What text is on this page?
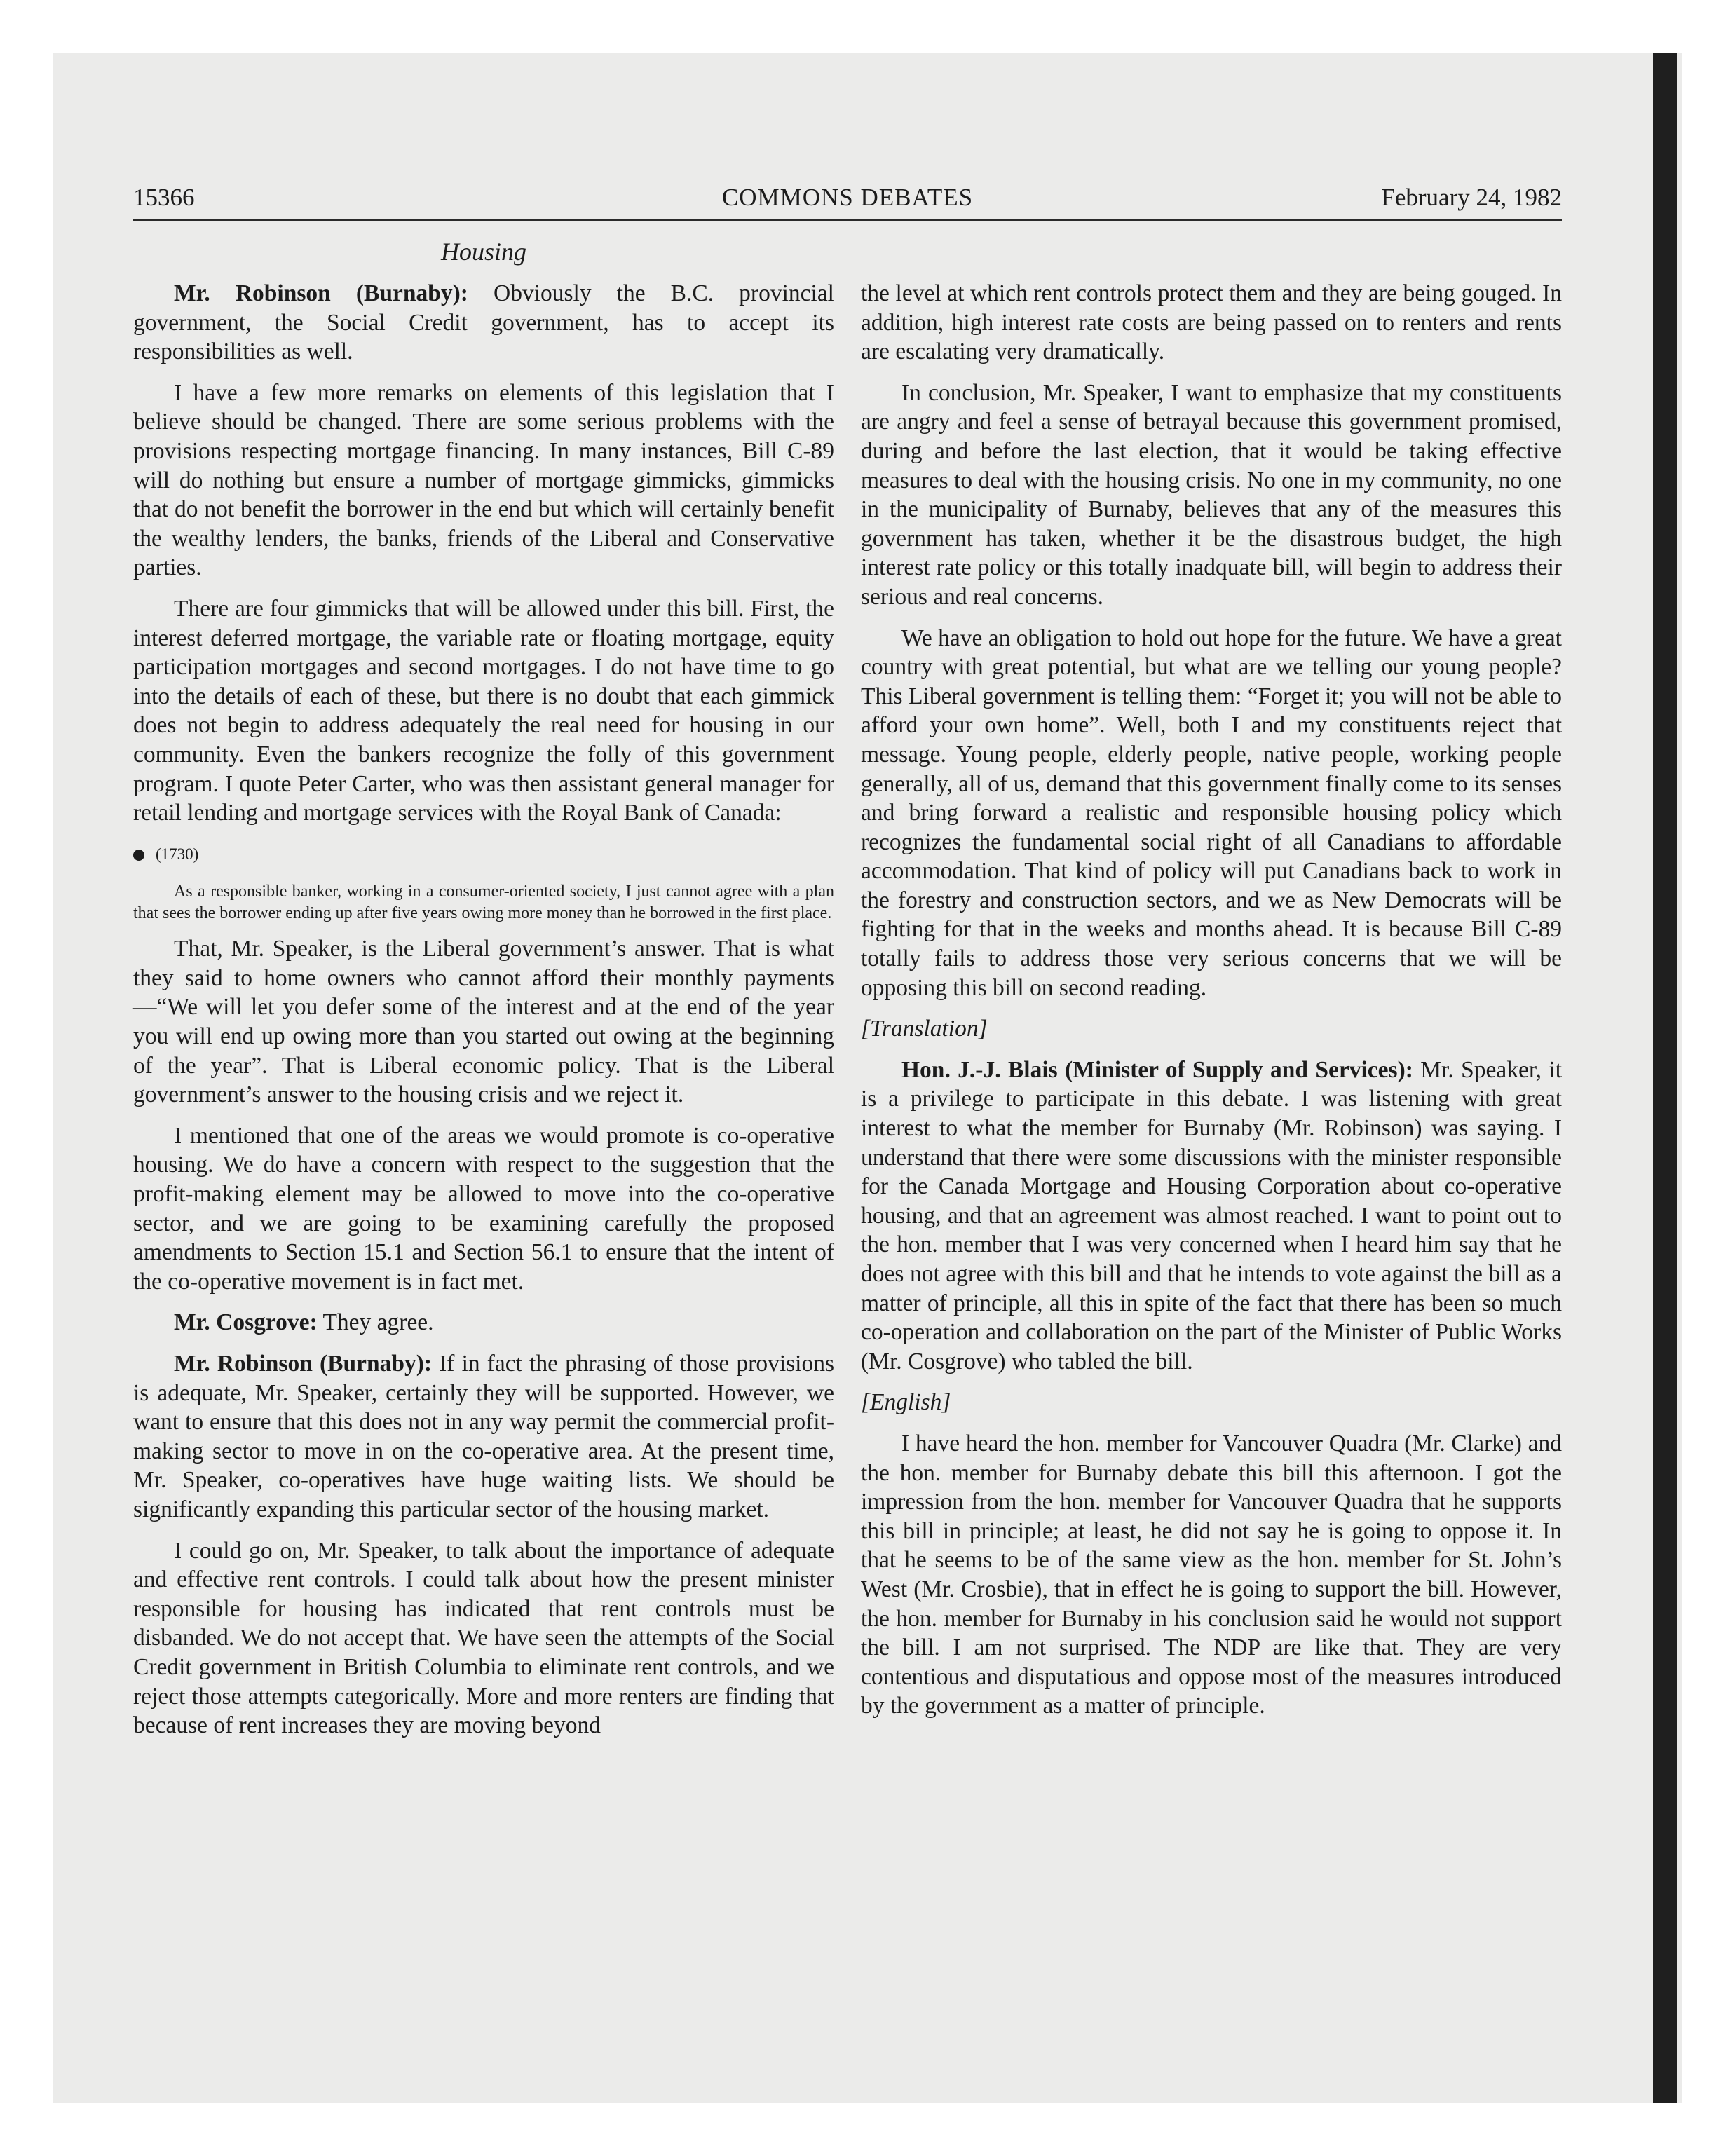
15366	COMMONS DEBATES	February 24, 1982
Housing

Mr. Robinson (Burnaby): Obviously the B.C. provincial government, the Social Credit government, has to accept its responsibilities as well.

I have a few more remarks on elements of this legislation that I believe should be changed. There are some serious problems with the provisions respecting mortgage financing. In many instances, Bill C-89 will do nothing but ensure a number of mortgage gimmicks, gimmicks that do not benefit the borrower in the end but which will certainly benefit the wealthy lenders, the banks, friends of the Liberal and Conservative parties.

There are four gimmicks that will be allowed under this bill. First, the interest deferred mortgage, the variable rate or floating mortgage, equity participation mortgages and second mortgages. I do not have time to go into the details of each of these, but there is no doubt that each gimmick does not begin to address adequately the real need for housing in our community. Even the bankers recognize the folly of this government program. I quote Peter Carter, who was then assistant general manager for retail lending and mortgage services with the Royal Bank of Canada:

(1730)

As a responsible banker, working in a consumer-oriented society, I just cannot agree with a plan that sees the borrower ending up after five years owing more money than he borrowed in the first place.

That, Mr. Speaker, is the Liberal government’s answer. That is what they said to home owners who cannot afford their monthly payments—“We will let you defer some of the interest and at the end of the year you will end up owing more than you started out owing at the beginning of the year”. That is Liberal economic policy. That is the Liberal government’s answer to the housing crisis and we reject it.

I mentioned that one of the areas we would promote is co-operative housing. We do have a concern with respect to the suggestion that the profit-making element may be allowed to move into the co-operative sector, and we are going to be examining carefully the proposed amendments to Section 15.1 and Section 56.1 to ensure that the intent of the co-operative movement is in fact met.

Mr. Cosgrove: They agree.

Mr. Robinson (Burnaby): If in fact the phrasing of those provisions is adequate, Mr. Speaker, certainly they will be supported. However, we want to ensure that this does not in any way permit the commercial profit-making sector to move in on the co-operative area. At the present time, Mr. Speaker, co-operatives have huge waiting lists. We should be significantly expanding this particular sector of the housing market.

I could go on, Mr. Speaker, to talk about the importance of adequate and effective rent controls. I could talk about how the present minister responsible for housing has indicated that rent controls must be disbanded. We do not accept that. We have seen the attempts of the Social Credit government in British Columbia to eliminate rent controls, and we reject those attempts categorically. More and more renters are finding that because of rent increases they are moving beyond

the level at which rent controls protect them and they are being gouged. In addition, high interest rate costs are being passed on to renters and rents are escalating very dramatically.

In conclusion, Mr. Speaker, I want to emphasize that my constituents are angry and feel a sense of betrayal because this government promised, during and before the last election, that it would be taking effective measures to deal with the housing crisis. No one in my community, no one in the municipality of Burnaby, believes that any of the measures this government has taken, whether it be the disastrous budget, the high interest rate policy or this totally inadquate bill, will begin to address their serious and real concerns.

We have an obligation to hold out hope for the future. We have a great country with great potential, but what are we telling our young people? This Liberal government is telling them: “Forget it; you will not be able to afford your own home”. Well, both I and my constituents reject that message. Young people, elderly people, native people, working people generally, all of us, demand that this government finally come to its senses and bring forward a realistic and responsible housing policy which recognizes the fundamental social right of all Canadians to affordable accommodation. That kind of policy will put Canadians back to work in the forestry and construction sectors, and we as New Democrats will be fighting for that in the weeks and months ahead. It is because Bill C-89 totally fails to address those very serious concerns that we will be opposing this bill on second reading.

[Translation]

Hon. J.-J. Blais (Minister of Supply and Services): Mr. Speaker, it is a privilege to participate in this debate. I was listening with great interest to what the member for Burnaby (Mr. Robinson) was saying. I understand that there were some discussions with the minister responsible for the Canada Mortgage and Housing Corporation about co-operative housing, and that an agreement was almost reached. I want to point out to the hon. member that I was very concerned when I heard him say that he does not agree with this bill and that he intends to vote against the bill as a matter of principle, all this in spite of the fact that there has been so much co-operation and collaboration on the part of the Minister of Public Works (Mr. Cosgrove) who tabled the bill.

[English]

I have heard the hon. member for Vancouver Quadra (Mr. Clarke) and the hon. member for Burnaby debate this bill this afternoon. I got the impression from the hon. member for Vancouver Quadra that he supports this bill in principle; at least, he did not say he is going to oppose it. In that he seems to be of the same view as the hon. member for St. John’s West (Mr. Crosbie), that in effect he is going to support the bill. However, the hon. member for Burnaby in his conclusion said he would not support the bill. I am not surprised. The NDP are like that. They are very contentious and disputatious and oppose most of the measures introduced by the government as a matter of principle.
